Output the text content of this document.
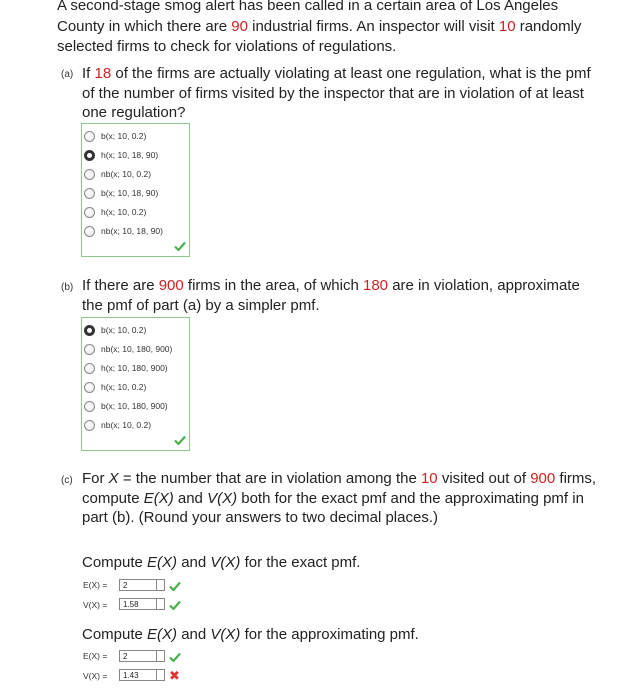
A second-stage smog alert has been called in a certain area of Los Angeles County in which there are 90 industrial firms. An inspector will visit 10 randomly selected firms to check for violations of regulations.
(a) If 18 of the firms are actually violating at least one regulation, what is the pmf of the number of firms visited by the inspector that are in violation of at least one regulation?
b(x; 10, 0.2)
h(x; 10, 18, 90)
nb(x; 10, 0.2)
b(x; 10, 18, 90)
h(x; 10, 0.2)
nb(x; 10, 18, 90)
(b) If there are 900 firms in the area, of which 180 are in violation, approximate the pmf of part (a) by a simpler pmf.
b(x; 10, 0.2)
nb(x; 10, 180, 900)
h(x; 10, 180, 900)
h(x; 10, 0.2)
b(x; 10, 180, 900)
nb(x; 10, 0.2)
(c) For X = the number that are in violation among the 10 visited out of 900 firms, compute E(X) and V(X) both for the exact pmf and the approximating pmf in part (b). (Round your answers to two decimal places.)
Compute E(X) and V(X) for the exact pmf.
E(X) =	2
V(X) =	1.58
Compute E(X) and V(X) for the approximating pmf.
E(X) =	2
V(X) =	1.43	✖
